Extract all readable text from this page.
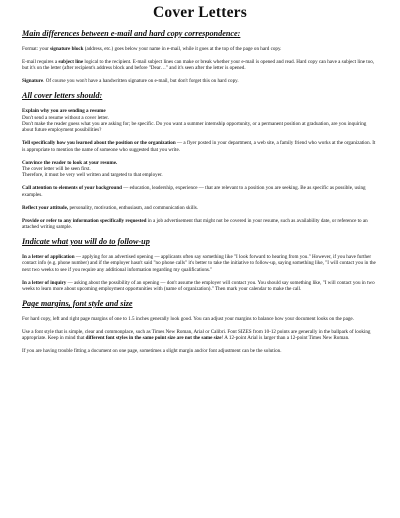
Cover Letters
Main differences between e-mail and hard copy correspondence:

Format: your signature block (address, etc.) goes below your name in e-mail, while it goes at the top of the page on hard copy.

E-mail requires a subject line logical to the recipient. E-mail subject lines can make or break whether your e-mail is opened and read. Hard copy can have a subject line too, but it's on the letter (after recipient's address block and before "Dear…" and it's seen after the letter is opened.

Signature. Of course you won't have a handwritten signature on e-mail, but don't forget this on hard copy.

All cover letters should:

Explain why you are sending a resume
Don't send a resume without a cover letter.
Don't make the reader guess what you are asking for; be specific. Do you want a summer internship opportunity, or a permanent position at graduation, are you inquiring about future employment possibilities?

Tell specifically how you learned about the position or the organization — a flyer posted in your department, a web site, a family friend who works at the organization. It is appropriate to mention the name of someone who suggested that you write.

Convince the reader to look at your resume.
The cover letter will be seen first.
Therefore, it must be very well written and targeted to that employer.

Call attention to elements of your background — education, leadership, experience — that are relevant to a position you are seeking. Be as specific as possible, using examples.

Reflect your attitude, personality, motivation, enthusiasm, and communication skills.

Provide or refer to any information specifically requested in a job advertisement that might not be covered in your resume, such as availability date, or reference to an attached writing sample.

Indicate what you will do to follow-up

In a letter of application — applying for an advertised opening — applicants often say something like "I look forward to hearing from you." However, if you have further contact info (e.g. phone number) and if the employer hasn't said "no phone calls" it's better to take the initiative to follow-up, saying something like, "I will contact you in the next two weeks to see if you require any additional information regarding my qualifications."

In a letter of inquiry — asking about the possibility of an opening — don't assume the employer will contact you. You should say something like, "I will contact you in two weeks to learn more about upcoming employment opportunities with (name of organization)." Then mark your calendar to make the call.

Page margins, font style and size

For hard copy, left and right page margins of one to 1.5 inches generally look good. You can adjust your margins to balance how your document looks on the page.

Use a font style that is simple, clear and commonplace, such as Times New Roman, Arial or Calibri. Font SIZES from 10-12 points are generally in the ballpark of looking appropriate. Keep in mind that different font styles in the same point size are not the same size! A 12-point Arial is larger than a 12-point Times New Roman.

If you are having trouble fitting a document on one page, sometimes a slight margin and/or font adjustment can be the solution.
